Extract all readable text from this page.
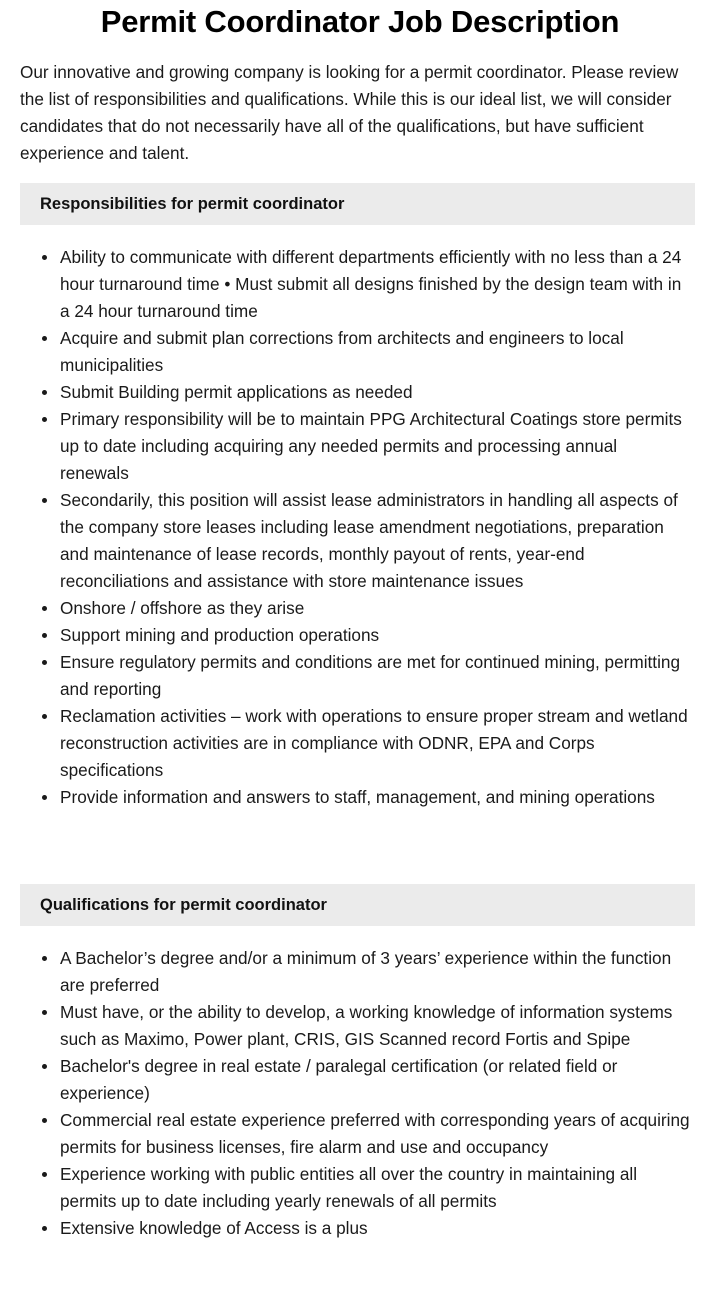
Permit Coordinator Job Description

Our innovative and growing company is looking for a permit coordinator. Please review the list of responsibilities and qualifications. While this is our ideal list, we will consider candidates that do not necessarily have all of the qualifications, but have sufficient experience and talent.

Responsibilities for permit coordinator
Ability to communicate with different departments efficiently with no less than a 24 hour turnaround time • Must submit all designs finished by the design team with in a 24 hour turnaround time
Acquire and submit plan corrections from architects and engineers to local municipalities
Submit Building permit applications as needed
Primary responsibility will be to maintain PPG Architectural Coatings store permits up to date including acquiring any needed permits and processing annual renewals
Secondarily, this position will assist lease administrators in handling all aspects of the company store leases including lease amendment negotiations, preparation and maintenance of lease records, monthly payout of rents, year-end reconciliations and assistance with store maintenance issues
Onshore / offshore as they arise
Support mining and production operations
Ensure regulatory permits and conditions are met for continued mining, permitting and reporting
Reclamation activities – work with operations to ensure proper stream and wetland reconstruction activities are in compliance with ODNR, EPA and Corps specifications
Provide information and answers to staff, management, and mining operations
Qualifications for permit coordinator
A Bachelor’s degree and/or a minimum of 3 years’ experience within the function are preferred
Must have, or the ability to develop, a working knowledge of information systems such as Maximo, Power plant, CRIS, GIS Scanned record Fortis and Spipe
Bachelor's degree in real estate / paralegal certification (or related field or experience)
Commercial real estate experience preferred with corresponding years of acquiring permits for business licenses, fire alarm and use and occupancy
Experience working with public entities all over the country in maintaining all permits up to date including yearly renewals of all permits
Extensive knowledge of Access is a plus
